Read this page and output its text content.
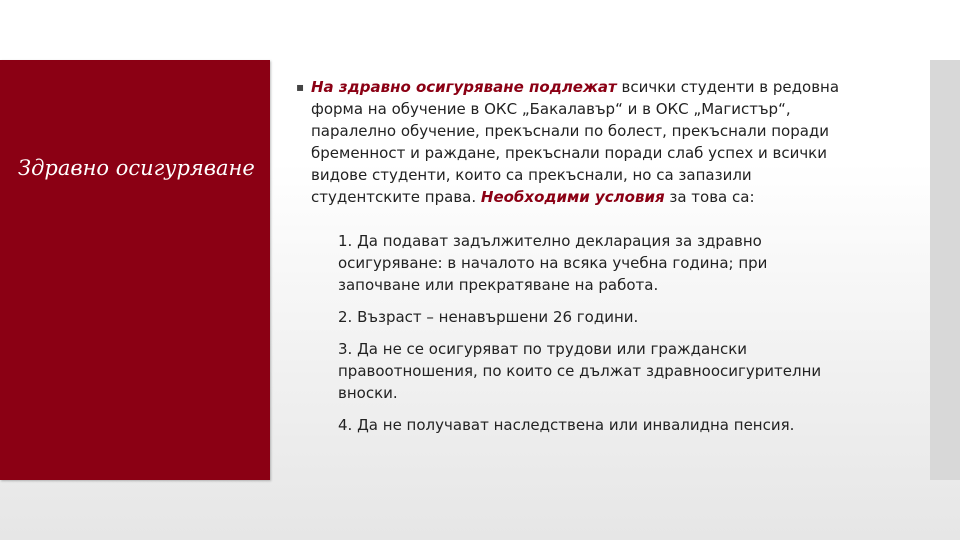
Здравно осигуряване
▪ На здравно осигуряване подлежат всички студенти в редовна форма на обучение в ОКС „Бакалавър“ и в ОКС „Магистър“, паралелно обучение, прекъснали по болест, прекъснали поради бременност и раждане, прекъснали поради слаб успех и всички видове студенти, които са прекъснали, но са запазили студентските права. Необходими условия за това са:
1. Да подават задължително декларация за здравно осигуряване: в началото на всяка учебна година; при започване или прекратяване на работа.
2. Възраст – ненавършени 26 години.
3. Да не се осигуряват по трудови или граждански правоотношения, по които се дължат здравноосигурителни вноски.
4. Да не получават наследствена или инвалидна пенсия.
